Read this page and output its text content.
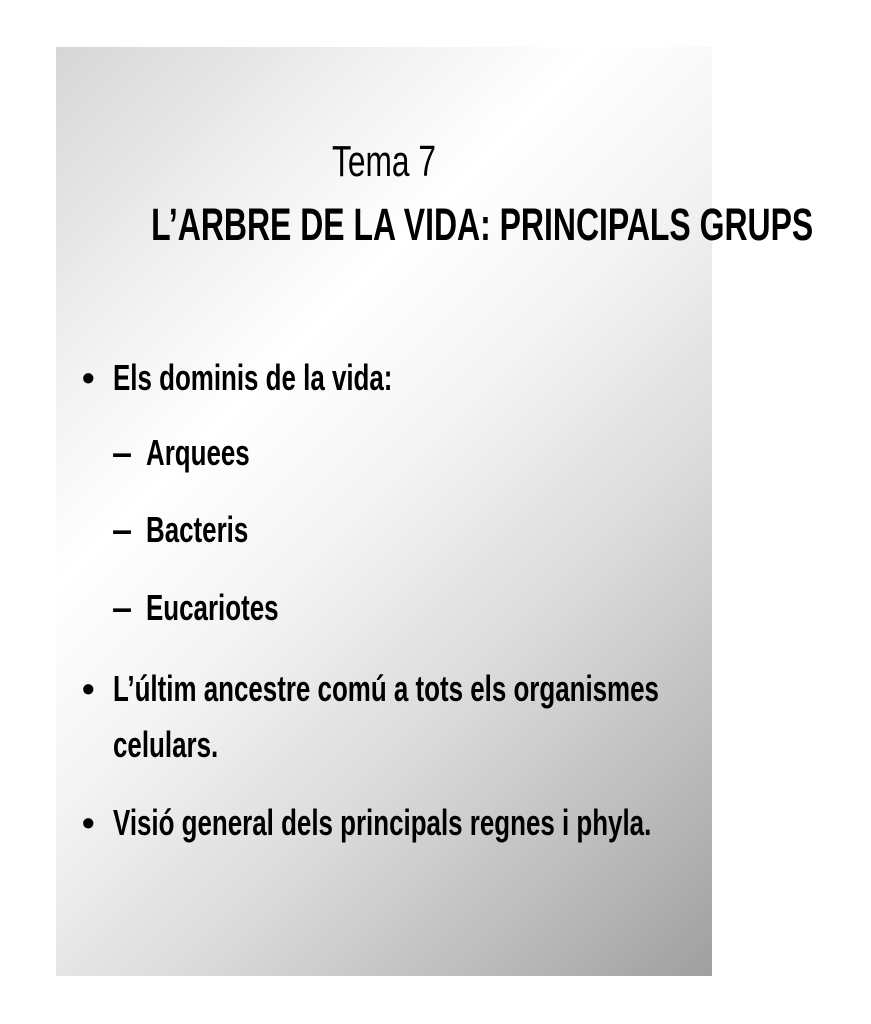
Tema 7
L’ARBRE DE LA VIDA: PRINCIPALS GRUPS
• Els dominis de la vida:
– Arquees
– Bacteris
– Eucariotes
• L’últim ancestre comú a tots els organismes
celulars.
• Visió general dels principals regnes i phyla.
